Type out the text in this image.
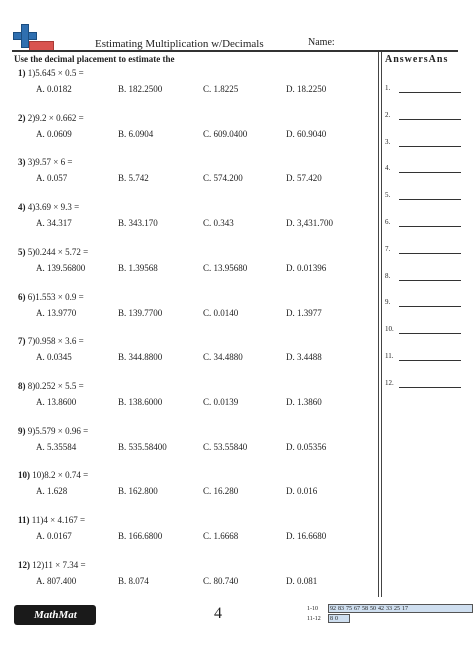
Estimating Multiplication w/Decimals	Name:
Use the decimal placement to estimate the	AnswersAns
1) 1)5.645 × 0.5 =
A. 0.0182	B. 182.2500	C. 1.8225	D. 18.2250
2) 2)9.2 × 0.662 =
A. 0.0609	B. 6.0904	C. 609.0400	D. 60.9040
3) 3)9.57 × 6 =
A. 0.057	B. 5.742	C. 574.200	D. 57.420
4) 4)3.69 × 9.3 =
A. 34.317	B. 343.170	C. 0.343	D. 3,431.700
5) 5)0.244 × 5.72 =
A. 139.56800	B. 1.39568	C. 13.95680	D. 0.01396
6) 6)1.553 × 0.9 =
A. 13.9770	B. 139.7700	C. 0.0140	D. 1.3977
7) 7)0.958 × 3.6 =
A. 0.0345	B. 344.8800	C. 34.4880	D. 3.4488
8) 8)0.252 × 5.5 =
A. 13.8600	B. 138.6000	C. 0.0139	D. 1.3860
9) 9)5.579 × 0.96 =
A. 5.35584	B. 535.58400	C. 53.55840	D. 0.05356
10) 10)8.2 × 0.74 =
A. 1.628	B. 162.800	C. 16.280	D. 0.016
11) 11)4 × 4.167 =
A. 0.0167	B. 166.6800	C. 1.6668	D. 16.6680
12) 12)11 × 7.34 =
A. 807.400	B. 8.074	C. 80.740	D. 0.081
1.
2.
3.
4.
5.
6.
7.
8.
9.
10.
11.
12.
MathMat	4	1-10	92 83 75 67 58 50 42 33 25 17
11-12	8 0
